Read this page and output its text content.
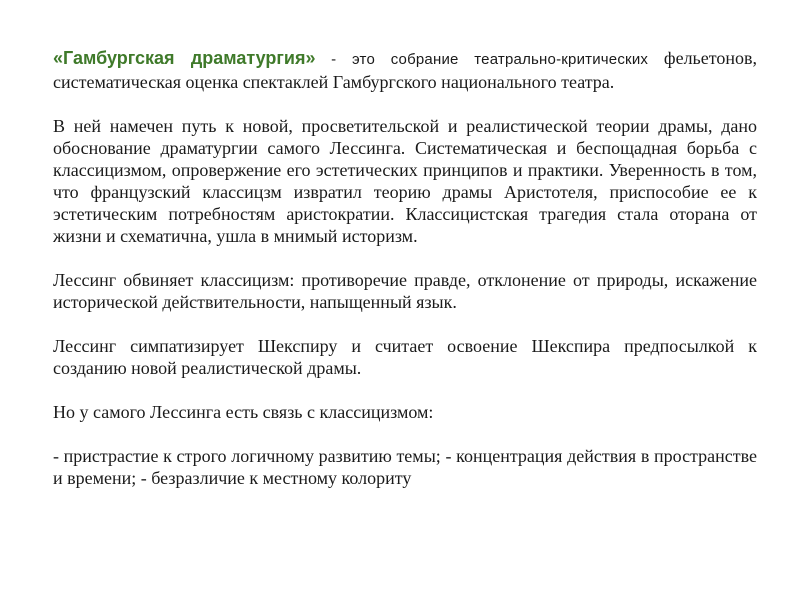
«Гамбургская драматургия» - это собрание театрально-критических фельетонов, систематическая оценка спектаклей Гамбургского национального театра.

В ней намечен путь к новой, просветительской и реалистической теории драмы, дано обоснование драматургии самого Лессинга. Систематическая и беспощадная борьба с классицизмом, опровержение его эстетических принципов и практики. Уверенность в том, что французский классицзм извратил теорию драмы Аристотеля, приспособие ее к эстетическим потребностям аристократии. Классицистская трагедия стала оторана от жизни и схематична, ушла в мнимый историзм.

Лессинг обвиняет классицизм: противоречие правде, отклонение от природы, искажение исторической действительности, напыщенный язык.

Лессинг симпатизирует Шекспиру и считает освоение Шекспира предпосылкой к созданию новой реалистической драмы.

Но у самого Лессинга есть связь с классицизмом:

- пристрастие к строго логичному развитию темы; - концентрация действия в пространстве и времени; - безразличие к местному колориту
